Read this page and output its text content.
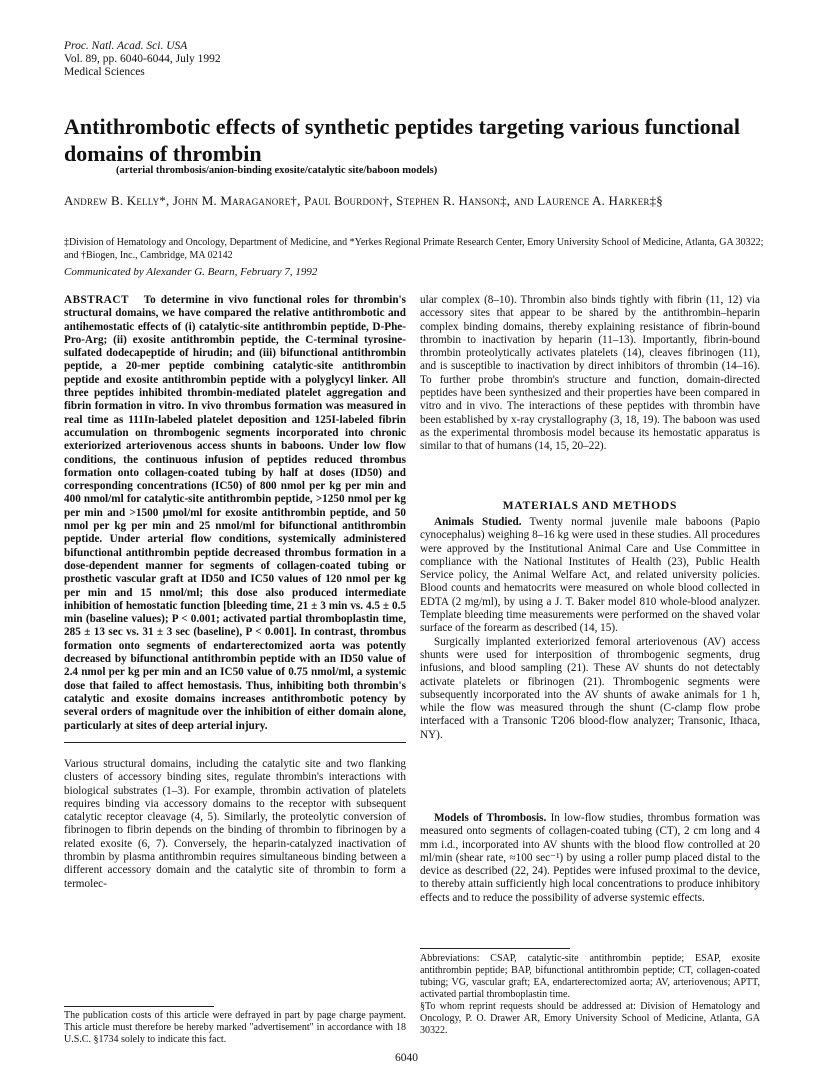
Proc. Natl. Acad. Sci. USA
Vol. 89, pp. 6040-6044, July 1992
Medical Sciences
Antithrombotic effects of synthetic peptides targeting various functional domains of thrombin
(arterial thrombosis/anion-binding exosite/catalytic site/baboon models)
Andrew B. Kelly*, John M. Maraganore†, Paul Bourdon†, Stephen R. Hanson‡, and Laurence A. Harker‡§
‡Division of Hematology and Oncology, Department of Medicine, and *Yerkes Regional Primate Research Center, Emory University School of Medicine, Atlanta, GA 30322; and †Biogen, Inc., Cambridge, MA 02142
Communicated by Alexander G. Bearn, February 7, 1992

ABSTRACT To determine in vivo functional roles for thrombin's structural domains, we have compared the relative antithrombotic and antihemostatic effects of (i) catalytic-site antithrombin peptide, D-Phe-Pro-Arg; (ii) exosite antithrombin peptide, the C-terminal tyrosine-sulfated dodecapeptide of hirudin; and (iii) bifunctional antithrombin peptide, a 20-mer peptide combining catalytic-site antithrombin peptide and exosite antithrombin peptide with a polyglycyl linker. All three peptides inhibited thrombin-mediated platelet aggregation and fibrin formation in vitro. In vivo thrombus formation was measured in real time as 111In-labeled platelet deposition and 125I-labeled fibrin accumulation on thrombogenic segments incorporated into chronic exteriorized arteriovenous access shunts in baboons. Under low flow conditions, the continuous infusion of peptides reduced thrombus formation onto collagen-coated tubing by half at doses (ID50) and corresponding concentrations (IC50) of 800 nmol per kg per min and 400 nmol/ml for catalytic-site antithrombin peptide, >1250 nmol per kg per min and >1500 μmol/ml for exosite antithrombin peptide, and 50 nmol per kg per min and 25 nmol/ml for bifunctional antithrombin peptide. Under arterial flow conditions, systemically administered bifunctional antithrombin peptide decreased thrombus formation in a dose-dependent manner for segments of collagen-coated tubing or prosthetic vascular graft at ID50 and IC50 values of 120 nmol per kg per min and 15 nmol/ml; this dose also produced intermediate inhibition of hemostatic function [bleeding time, 21 ± 3 min vs. 4.5 ± 0.5 min (baseline values); P < 0.001; activated partial thromboplastin time, 285 ± 13 sec vs. 31 ± 3 sec (baseline), P < 0.001]. In contrast, thrombus formation onto segments of endarterectomized aorta was potently decreased by bifunctional antithrombin peptide with an ID50 value of 2.4 nmol per kg per min and an IC50 value of 0.75 nmol/ml, a systemic dose that failed to affect hemostasis. Thus, inhibiting both thrombin's catalytic and exosite domains increases antithrombotic potency by several orders of magnitude over the inhibition of either domain alone, particularly at sites of deep arterial injury.

Various structural domains, including the catalytic site and two flanking clusters of accessory binding sites, regulate thrombin's interactions with biological substrates (1–3). For example, thrombin activation of platelets requires binding via accessory domains to the receptor with subsequent catalytic receptor cleavage (4, 5). Similarly, the proteolytic conversion of fibrinogen to fibrin depends on the binding of thrombin to fibrinogen by a related exosite (6, 7). Conversely, the heparin-catalyzed inactivation of thrombin by plasma antithrombin requires simultaneous binding between a different accessory domain and the catalytic site of thrombin to form a termolec-

The publication costs of this article were defrayed in part by page charge payment. This article must therefore be hereby marked "advertisement" in accordance with 18 U.S.C. §1734 solely to indicate this fact.

ular complex (8–10). Thrombin also binds tightly with fibrin (11, 12) via accessory sites that appear to be shared by the antithrombin–heparin complex binding domains, thereby explaining resistance of fibrin-bound thrombin to inactivation by heparin (11–13). Importantly, fibrin-bound thrombin proteolytically activates platelets (14), cleaves fibrinogen (11), and is susceptible to inactivation by direct inhibitors of thrombin (14–16). To further probe thrombin's structure and function, domain-directed peptides have been synthesized and their properties have been compared in vitro and in vivo. The interactions of these peptides with thrombin have been established by x-ray crystallography (3, 18, 19). The baboon was used as the experimental thrombosis model because its hemostatic apparatus is similar to that of humans (14, 15, 20–22).

MATERIALS AND METHODS

Animals Studied. Twenty normal juvenile male baboons (Papio cynocephalus) weighing 8–16 kg were used in these studies. All procedures were approved by the Institutional Animal Care and Use Committee in compliance with the National Institutes of Health (23), Public Health Service policy, the Animal Welfare Act, and related university policies. Blood counts and hematocrits were measured on whole blood collected in EDTA (2 mg/ml), by using a J. T. Baker model 810 whole-blood analyzer. Template bleeding time measurements were performed on the shaved volar surface of the forearm as described (14, 15).

Surgically implanted exteriorized femoral arteriovenous (AV) access shunts were used for interposition of thrombogenic segments, drug infusions, and blood sampling (21). These AV shunts do not detectably activate platelets or fibrinogen (21). Thrombogenic segments were subsequently incorporated into the AV shunts of awake animals for 1 h, while the flow was measured through the shunt (C-clamp flow probe interfaced with a Transonic T206 blood-flow analyzer; Transonic, Ithaca, NY).

Models of Thrombosis. In low-flow studies, thrombus formation was measured onto segments of collagen-coated tubing (CT), 2 cm long and 4 mm i.d., incorporated into AV shunts with the blood flow controlled at 20 ml/min (shear rate, ≈100 sec⁻¹) by using a roller pump placed distal to the device as described (22, 24). Peptides were infused proximal to the device, to thereby attain sufficiently high local concentrations to produce inhibitory effects and to reduce the possibility of adverse systemic effects.

Abbreviations: CSAP, catalytic-site antithrombin peptide; ESAP, exosite antithrombin peptide; BAP, bifunctional antithrombin peptide; CT, collagen-coated tubing; VG, vascular graft; EA, endarterectomized aorta; AV, arteriovenous; APTT, activated partial thromboplastin time.

§To whom reprint requests should be addressed at: Division of Hematology and Oncology, P. O. Drawer AR, Emory University School of Medicine, Atlanta, GA 30322.

6040
